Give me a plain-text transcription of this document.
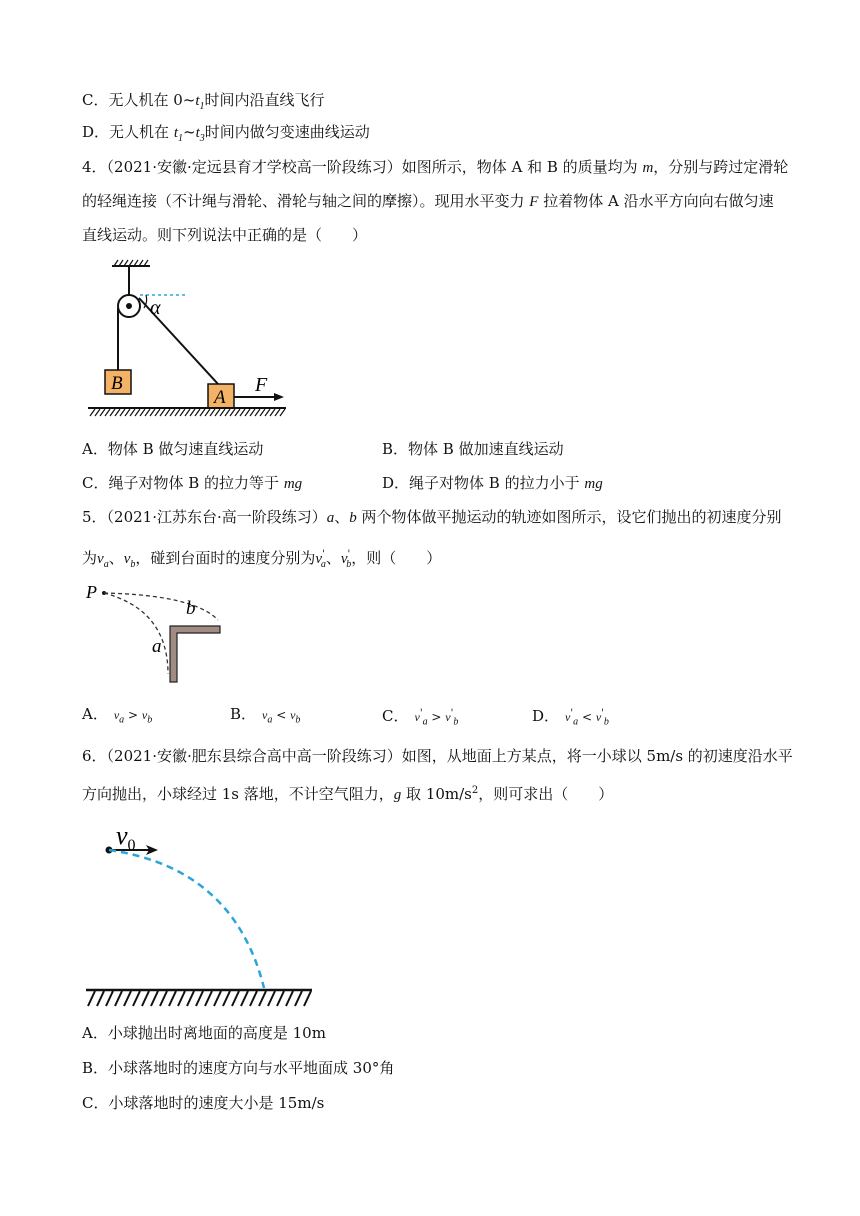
C．无人机在 $0\sim t_1$时间内沿直线飞行
D．无人机在 $t_1\sim t_3$时间内做匀变速曲线运动
4．（2021·安徽·定远县育才学校高一阶段练习）如图所示，物体 A 和 B 的质量均为 m，分别与跨过定滑轮
的轻绳连接（不计绳与滑轮、滑轮与轴之间的摩擦）。现用水平变力 F 拉着物体 A 沿水平方向向右做匀速
直线运动。则下列说法中正确的是（　　）
α
B
A
F
A．物体 B 做匀速直线运动	B．物体 B 做加速直线运动
C．绳子对物体 B 的拉力等于 mg	D．绳子对物体 B 的拉力小于 mg
5．（2021·江苏东台·高一阶段练习）a、b 两个物体做平抛运动的轨迹如图所示，设它们抛出的初速度分别
为$v_a$、$v_b$，碰到台面时的速度分别为$v'_a$、$v'_b$，则（　　）
P
b
a
A．  $v_a > v_b$	B．  $v_a < v_b$	C．  $v'_a > v'_b$	D．  $v'_a < v'_b$
6．（2021·安徽·肥东县综合高中高一阶段练习）如图，从地面上方某点，将一小球以 5m/s 的初速度沿水平
方向抛出，小球经过 1s 落地，不计空气阻力，g 取 $10m/s^2$，则可求出（　　）
$v_0$
A．小球抛出时离地面的高度是 10m
B．小球落地时的速度方向与水平地面成 30°角
C．小球落地时的速度大小是 15m/s
